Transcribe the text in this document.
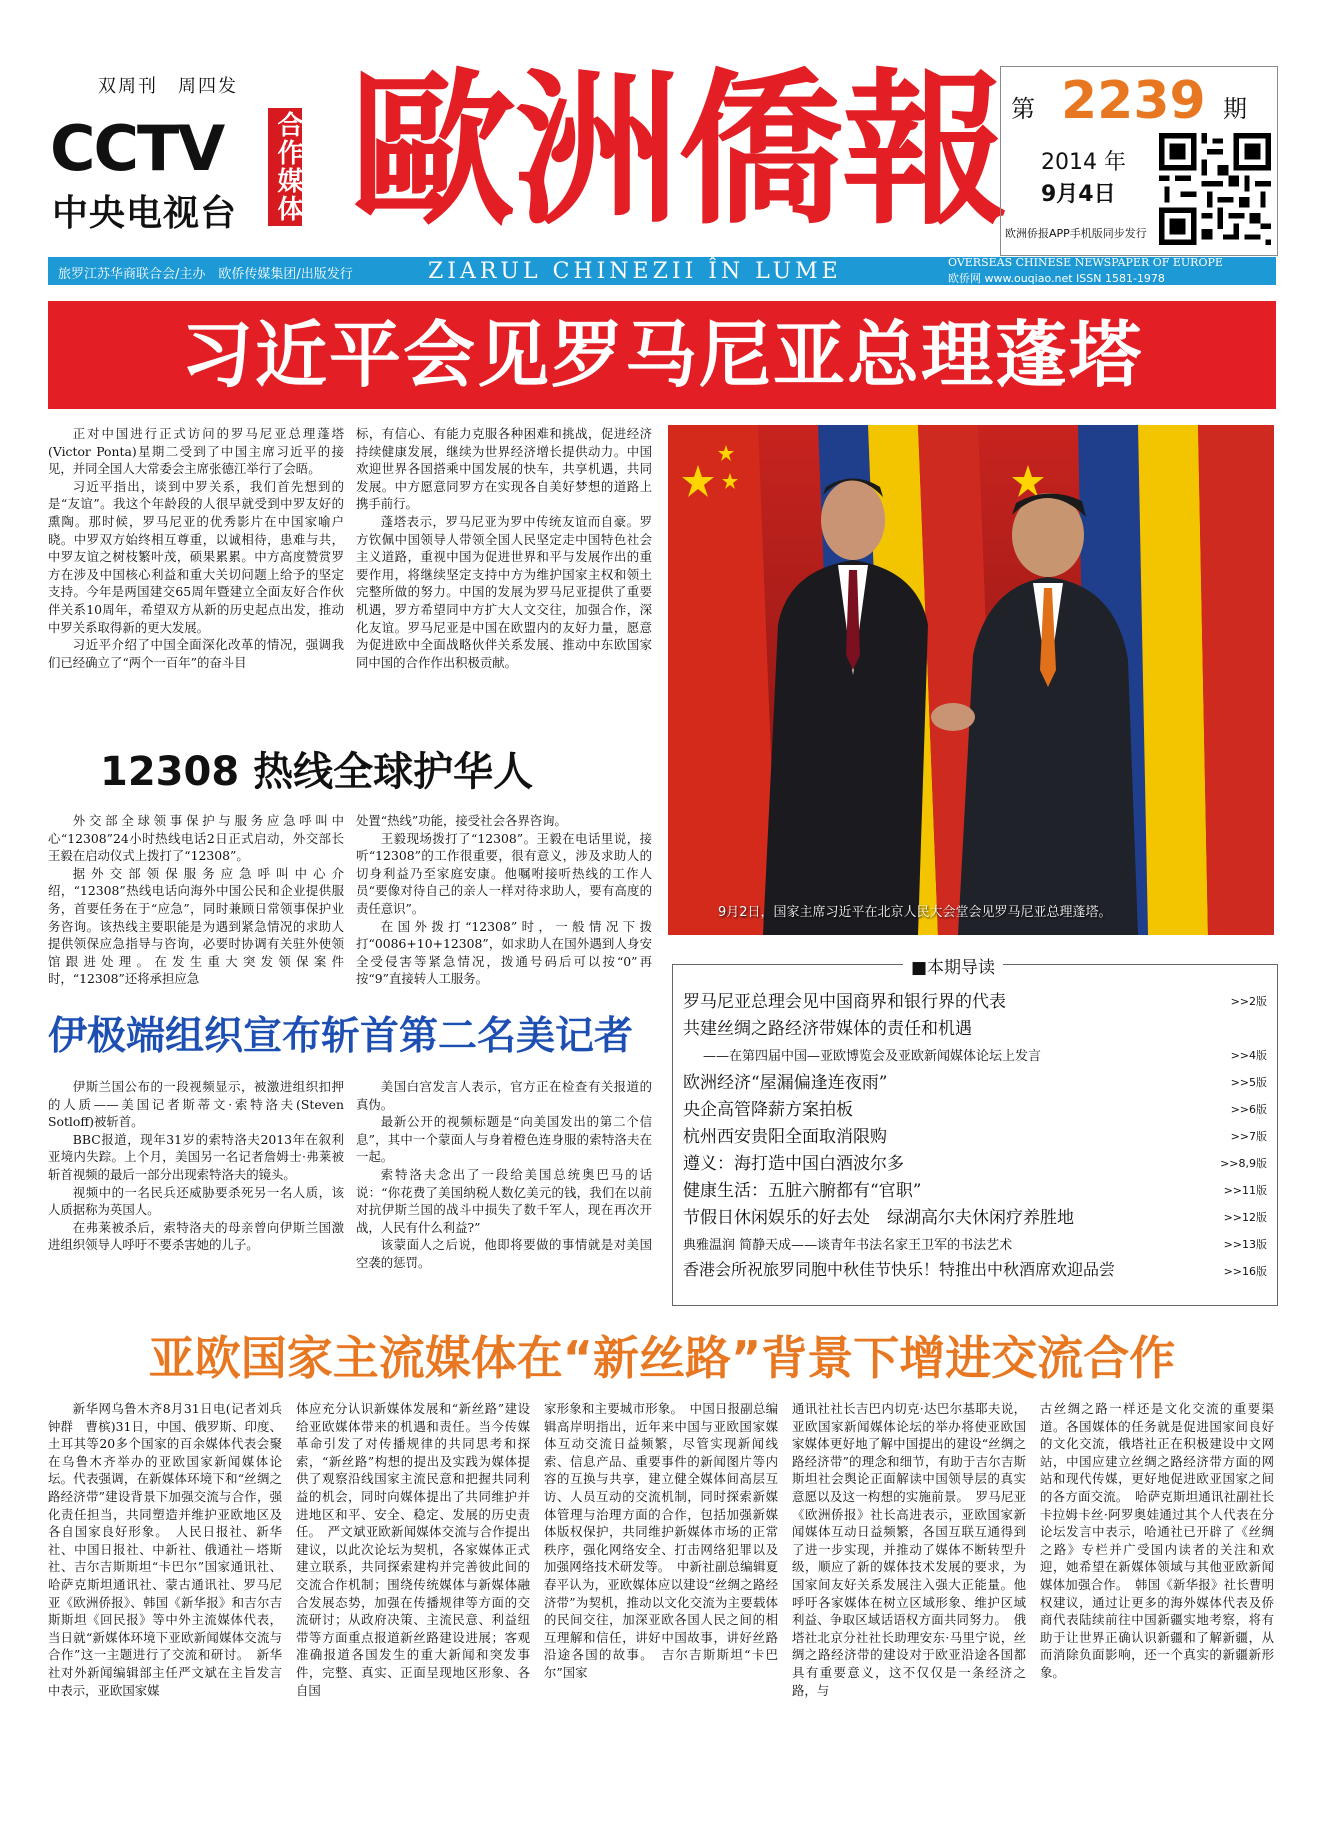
双周刊　周四发
CCTV
中央电视台 合作媒体 歐洲僑報 第 2239 期
2014 年
9月4日
欧洲侨报APP手机版同步发行
旅罗江苏华商联合会/主办　欧侨传媒集团/出版发行	ZIARUL CHINEZII ÎN LUME	OVERSEAS CHINESE NEWSPAPER OF EUROPE
欧侨网 www.ouqiao.net ISSN 1581-1978
习近平会见罗马尼亚总理蓬塔

正对中国进行正式访问的罗马尼亚总理蓬塔(Victor Ponta)星期二受到了中国主席习近平的接见，并同全国人大常委会主席张德江举行了会晤。

习近平指出，谈到中罗关系，我们首先想到的是“友谊”。我这个年龄段的人很早就受到中罗友好的熏陶。那时候，罗马尼亚的优秀影片在中国家喻户晓。中罗双方始终相互尊重，以诚相待，患难与共，中罗友谊之树枝繁叶茂，硕果累累。中方高度赞赏罗方在涉及中国核心利益和重大关切问题上给予的坚定支持。今年是两国建交65周年暨建立全面友好合作伙伴关系10周年，希望双方从新的历史起点出发，推动中罗关系取得新的更大发展。

习近平介绍了中国全面深化改革的情况，强调我们已经确立了“两个一百年”的奋斗目

标，有信心、有能力克服各种困难和挑战，促进经济持续健康发展，继续为世界经济增长提供动力。中国欢迎世界各国搭乘中国发展的快车，共享机遇，共同发展。中方愿意同罗方在实现各自美好梦想的道路上携手前行。

蓬塔表示，罗马尼亚为罗中传统友谊而自豪。罗方钦佩中国领导人带领全国人民坚定走中国特色社会主义道路，重视中国为促进世界和平与发展作出的重要作用，将继续坚定支持中方为维护国家主权和领土完整所做的努力。中国的发展为罗马尼亚提供了重要机遇，罗方希望同中方扩大人文交往，加强合作，深化友谊。罗马尼亚是中国在欧盟内的友好力量，愿意为促进欧中全面战略伙伴关系发展、推动中东欧国家同中国的合作作出积极贡献。

9月2日，国家主席习近平在北京人民大会堂会见罗马尼亚总理蓬塔。
12308 热线全球护华人

外交部全球领事保护与服务应急呼叫中心“12308”24小时热线电话2日正式启动，外交部长王毅在启动仪式上拨打了“12308”。

据外交部领保服务应急呼叫中心介绍，“12308”热线电话向海外中国公民和企业提供服务，首要任务在于“应急”，同时兼顾日常领事保护业务咨询。该热线主要职能是为遇到紧急情况的求助人提供领保应急指导与咨询，必要时协调有关驻外使领馆跟进处理。在发生重大突发领保案件时，“12308”还将承担应急

处置“热线”功能，接受社会各界咨询。

王毅现场拨打了“12308”。王毅在电话里说，接听“12308”的工作很重要，很有意义，涉及求助人的切身利益乃至家庭安康。他嘱咐接听热线的工作人员“要像对待自己的亲人一样对待求助人，要有高度的责任意识”。

在国外拨打“12308”时，一般情况下拨打“0086+10+12308”，如求助人在国外遇到人身安全受侵害等紧急情况，拨通号码后可以按“0”再按“9”直接转人工服务。

伊极端组织宣布斩首第二名美记者

伊斯兰国公布的一段视频显示，被激进组织扣押的人质——美国记者斯蒂文·索特洛夫(Steven Sotloff)被斩首。

BBC报道，现年31岁的索特洛夫2013年在叙利亚境内失踪。上个月，美国另一名记者詹姆士·弗莱被斩首视频的最后一部分出现索特洛夫的镜头。

视频中的一名民兵还威胁要杀死另一名人质，该人质据称为英国人。

在弗莱被杀后，索特洛夫的母亲曾向伊斯兰国激进组织领导人呼吁不要杀害她的儿子。

美国白宫发言人表示，官方正在检查有关报道的真伪。

最新公开的视频标题是“向美国发出的第二个信息”，其中一个蒙面人与身着橙色连身服的索特洛夫在一起。

索特洛夫念出了一段给美国总统奥巴马的话说：“你花费了美国纳税人数亿美元的钱，我们在以前对抗伊斯兰国的战斗中损失了数千军人，现在再次开战，人民有什么利益?”

该蒙面人之后说，他即将要做的事情就是对美国空袭的惩罚。

■本期导读
罗马尼亚总理会见中国商界和银行界的代表	>>2版
共建丝绸之路经济带媒体的责任和机遇
——在第四届中国—亚欧博览会及亚欧新闻媒体论坛上发言	>>4版
欧洲经济“屋漏偏逢连夜雨”	>>5版
央企高管降薪方案拍板	>>6版
杭州西安贵阳全面取消限购	>>7版
遵义：海打造中国白酒波尔多	>>8,9版
健康生活：五脏六腑都有“官职”	>>11版
节假日休闲娱乐的好去处　绿湖高尔夫休闲疗养胜地	>>12版
典雅温润 简静天成——谈青年书法名家王卫军的书法艺术	>>13版
香港会所祝旅罗同胞中秋佳节快乐！特推出中秋酒席欢迎品尝	>>16版
亚欧国家主流媒体在“新丝路”背景下增进交流合作

新华网乌鲁木齐8月31日电(记者刘兵　钟群　曹槟)31日，中国、俄罗斯、印度、土耳其等20多个国家的百余媒体代表会聚在乌鲁木齐举办的亚欧国家新闻媒体论坛。代表强调，在新媒体环境下和“丝绸之路经济带”建设背景下加强交流与合作，强化责任担当，共同塑造并维护亚欧地区及各自国家良好形象。　人民日报社、新华社、中国日报社、中新社、俄通社－塔斯社、吉尔吉斯斯坦“卡巴尔”国家通讯社、哈萨克斯坦通讯社、蒙古通讯社、罗马尼亚《欧洲侨报》、韩国《新华报》和吉尔吉斯斯坦《回民报》等中外主流媒体代表，当日就“新媒体环境下亚欧新闻媒体交流与合作”这一主题进行了交流和研讨。　新华社对外新闻编辑部主任严文斌在主旨发言中表示，亚欧国家媒

体应充分认识新媒体发展和“新丝路”建设给亚欧媒体带来的机遇和责任。当今传媒革命引发了对传播规律的共同思考和探索，“新丝路”构想的提出及实践为媒体提供了观察沿线国家主流民意和把握共同利益的机会，同时向媒体提出了共同维护并进地区和平、安全、稳定、发展的历史责任。　严文斌亚欧新闻媒体交流与合作提出建议，以此次论坛为契机，各家媒体正式建立联系，共同探索建构并完善彼此间的交流合作机制；围绕传统媒体与新媒体融合发展态势，加强在传播规律等方面的交流研讨；从政府决策、主流民意、利益纽带等方面重点报道新丝路建设进展；客观准确报道各国发生的重大新闻和突发事件，完整、真实、正面呈现地区形象、各自国

家形象和主要城市形象。　中国日报副总编辑高岸明指出，近年来中国与亚欧国家媒体互动交流日益频繁，尽管实现新闻线索、信息产品、重要事件的新闻图片等内容的互换与共享，建立健全媒体间高层互访、人员互动的交流机制，同时探索新媒体管理与治理方面的合作，包括加强新媒体版权保护，共同维护新媒体市场的正常秩序，强化网络安全、打击网络犯罪以及加强网络技术研发等。　中新社副总编辑夏春平认为，亚欧媒体应以建设“丝绸之路经济带”为契机，推动以文化交流为主要载体的民间交往，加深亚欧各国人民之间的相互理解和信任，讲好中国故事，讲好丝路沿途各国的故事。　吉尔吉斯斯坦“卡巴尔”国家

通讯社社长吉巴内切克·达巴尔基耶夫说，亚欧国家新闻媒体论坛的举办将使亚欧国家媒体更好地了解中国提出的建设“丝绸之路经济带”的理念和细节，有助于吉尔吉斯斯坦社会舆论正面解读中国领导层的真实意愿以及这一构想的实施前景。　罗马尼亚《欧洲侨报》社长高进表示，亚欧国家新闻媒体互动日益频繁，各国互联互通得到了进一步实现，并推动了媒体不断转型升级，顺应了新的媒体技术发展的要求，为国家间友好关系发展注入强大正能量。他呼吁各家媒体在树立区域形象、维护区域利益、争取区域话语权方面共同努力。　俄塔社北京分社社长助理安东·马里宁说，丝绸之路经济带的建设对于欧亚沿途各国都具有重要意义，这不仅仅是一条经济之路，与

古丝绸之路一样还是文化交流的重要渠道。各国媒体的任务就是促进国家间良好的文化交流，俄塔社正在积极建设中文网站，中国应建立丝绸之路经济带方面的网站和现代传媒，更好地促进欧亚国家之间的各方面交流。　哈萨克斯坦通讯社副社长卡拉姆卡丝·阿罗奥娃通过其个人代表在分论坛发言中表示，哈通社已开辟了《丝绸之路》专栏并广受国内读者的关注和欢迎，她希望在新媒体领域与其他亚欧新闻媒体加强合作。　韩国《新华报》社长曹明权建议，通过让更多的海外媒体代表及侨商代表陆续前往中国新疆实地考察，将有助于让世界正确认识新疆和了解新疆，从而消除负面影响，还一个真实的新疆新形象。
